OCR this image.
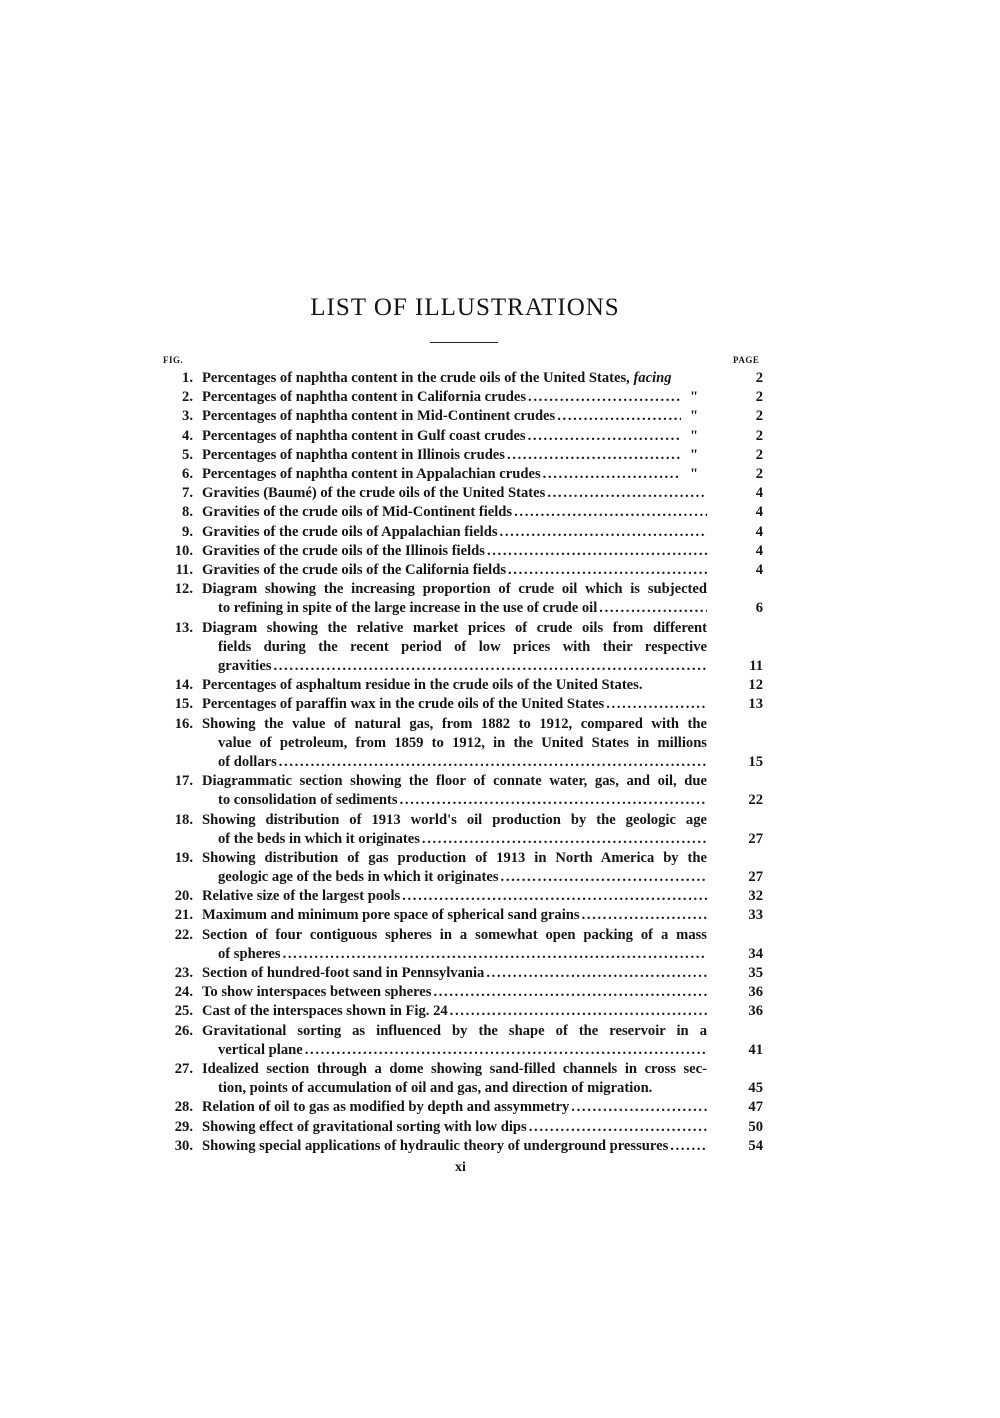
LIST OF ILLUSTRATIONS
FIG.	PAGE
1. Percentages of naphtha content in the crude oils of the United States, facing	2
2. Percentages of naphtha content in California crudes . . .	"	2
3. Percentages of naphtha content in Mid-Continent crudes . . .	"	2
4. Percentages of naphtha content in Gulf coast crudes . . .	"	2
5. Percentages of naphtha content in Illinois crudes . . .	"	2
6. Percentages of naphtha content in Appalachian crudes . . .	"	2
7. Gravities (Baumé) of the crude oils of the United States . . .	4
8. Gravities of the crude oils of Mid-Continent fields . . .	4
9. Gravities of the crude oils of Appalachian fields . . .	4
10. Gravities of the crude oils of the Illinois fields . . .	4
11. Gravities of the crude oils of the California fields . . .	4
12. Diagram showing the increasing proportion of crude oil which is subjected
to refining in spite of the large increase in the use of crude oil . . .	6
13. Diagram showing the relative market prices of crude oils from different
fields during the recent period of low prices with their respective
gravities . . .	11
14. Percentages of asphaltum residue in the crude oils of the United States.	12
15. Percentages of paraffin wax in the crude oils of the United States . . .	13
16. Showing the value of natural gas, from 1882 to 1912, compared with the
value of petroleum, from 1859 to 1912, in the United States in millions
of dollars . . .	15
17. Diagrammatic section showing the floor of connate water, gas, and oil, due
to consolidation of sediments . . .	22
18. Showing distribution of 1913 world's oil production by the geologic age
of the beds in which it originates . . .	27
19. Showing distribution of gas production of 1913 in North America by the
geologic age of the beds in which it originates . . .	27
20. Relative size of the largest pools . . .	32
21. Maximum and minimum pore space of spherical sand grains . . .	33
22. Section of four contiguous spheres in a somewhat open packing of a mass
of spheres . . .	34
23. Section of hundred-foot sand in Pennsylvania . . .	35
24. To show interspaces between spheres . . .	36
25. Cast of the interspaces shown in Fig. 24 . . .	36
26. Gravitational sorting as influenced by the shape of the reservoir in a
vertical plane . . .	41
27. Idealized section through a dome showing sand-filled channels in cross sec-
tion, points of accumulation of oil and gas, and direction of migration.	45
28. Relation of oil to gas as modified by depth and assymmetry . . .	47
29. Showing effect of gravitational sorting with low dips . . .	50
30. Showing special applications of hydraulic theory of underground pressures . . .	54
xi
